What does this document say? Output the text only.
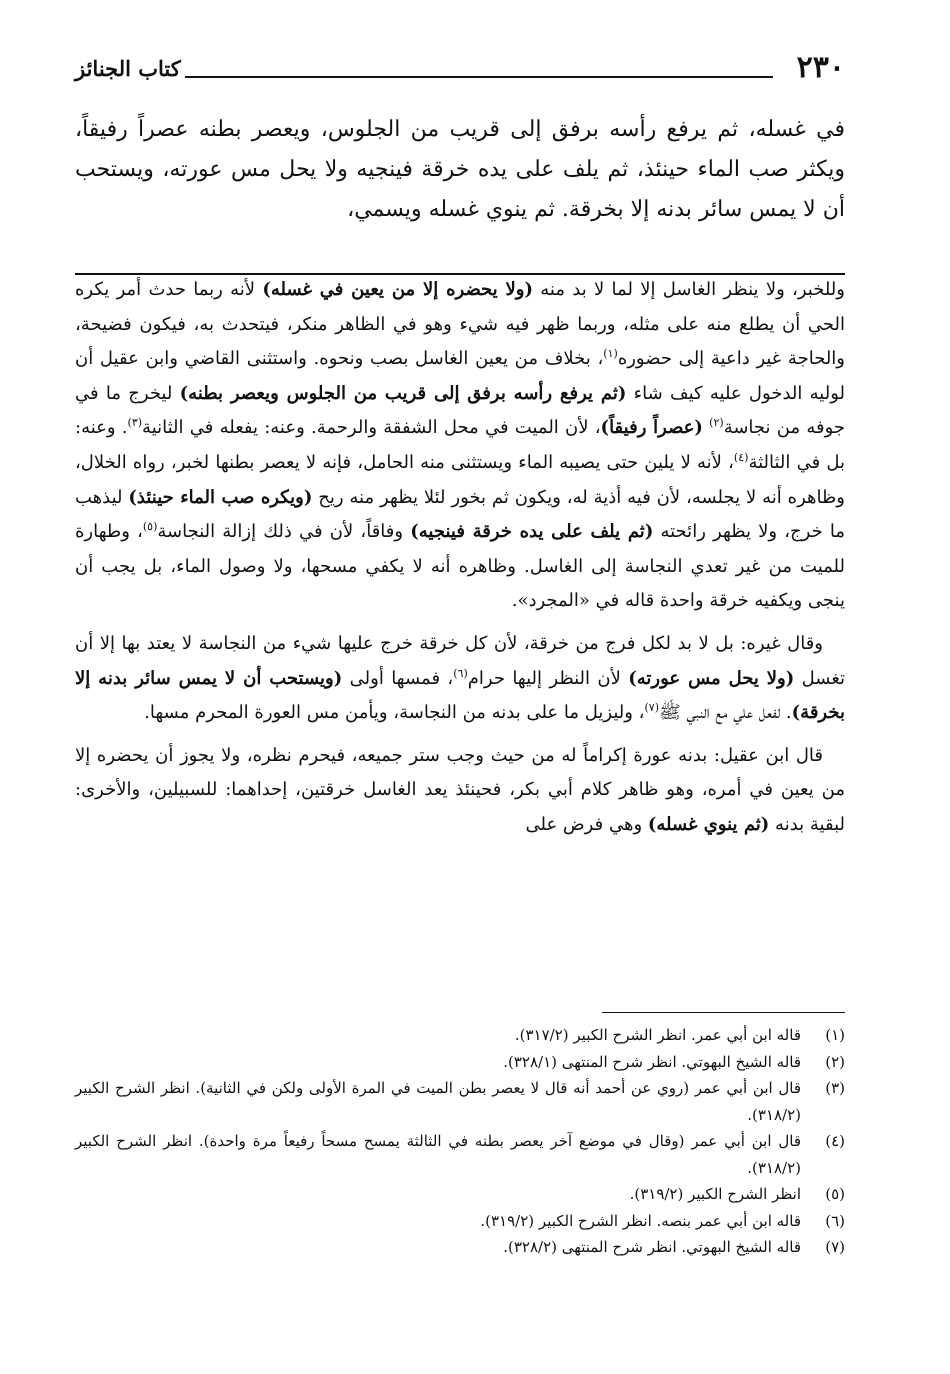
٢٣٠
كتاب الجنائز

في غسله، ثم يرفع رأسه برفق إلى قريب من الجلوس، ويعصر بطنه عصراً رفيقاً، ويكثر صب الماء حينئذ، ثم يلف على يده خرقة فينجيه ولا يحل مس عورته، ويستحب أن لا يمس سائر بدنه إلا بخرقة. ثم ينوي غسله ويسمي،

وللخبر، ولا ينظر الغاسل إلا لما لا بد منه (ولا يحضره إلا من يعين في غسله) لأنه ربما حدث أمر يكره الحي أن يطلع منه على مثله، وربما ظهر فيه شيء وهو في الظاهر منكر، فيتحدث به، فيكون فضيحة، والحاجة غير داعية إلى حضوره$^{(١)}$، بخلاف من يعين الغاسل بصب ونحوه. واستثنى القاضي وابن عقيل أن لوليه الدخول عليه كيف شاء (ثم يرفع رأسه برفق إلى قريب من الجلوس ويعصر بطنه) ليخرج ما في جوفه من نجاسة$^{(٢)}$ (عصراً رفيقاً)، لأن الميت في محل الشفقة والرحمة. وعنه: يفعله في الثانية$^{(٣)}$. وعنه: بل في الثالثة$^{(٤)}$، لأنه لا يلين حتى يصيبه الماء ويستثنى منه الحامل، فإنه لا يعصر بطنها لخبر، رواه الخلال، وظاهره أنه لا يجلسه، لأن فيه أذية له، ويكون ثم بخور لئلا يظهر منه ريح (ويكره صب الماء حينئذ) ليذهب ما خرج، ولا يظهر رائحته (ثم يلف على يده خرقة فينجيه) وفاقاً، لأن في ذلك إزالة النجاسة$^{(٥)}$، وطهارة للميت من غير تعدي النجاسة إلى الغاسل. وظاهره أنه لا يكفي مسحها، ولا وصول الماء، بل يجب أن ينجى ويكفيه خرقة واحدة قاله في «المجرد».

وقال غيره: بل لا بد لكل فرج من خرقة، لأن كل خرقة خرج عليها شيء من النجاسة لا يعتد بها إلا أن تغسل (ولا يحل مس عورته) لأن النظر إليها حرام$^{(٦)}$، فمسها أولى (ويستحب أن لا يمس سائر بدنه إلا بخرقة). لفعل علي مع النبي ﷺ$^{(٧)}$، وليزيل ما على بدنه من النجاسة، ويأمن مس العورة المحرم مسها.

قال ابن عقيل: بدنه عورة إكراماً له من حيث وجب ستر جميعه، فيحرم نظره، ولا يجوز أن يحضره إلا من يعين في أمره، وهو ظاهر كلام أبي بكر، فحينئذ يعد الغاسل خرقتين، إحداهما: للسبيلين، والأخرى: لبقية بدنه (ثم ينوي غسله) وهي فرض على

(١)
قاله ابن أبي عمر. انظر الشرح الكبير (٣١٧/٢).

(٢)
قاله الشيخ البهوتي. انظر شرح المنتهى (٣٢٨/١).

(٣)
قال ابن أبي عمر (روي عن أحمد أنه قال لا يعصر بطن الميت في المرة الأولى ولكن في الثانية). انظر الشرح الكبير (٣١٨/٢).

(٤)
قال ابن أبي عمر (وقال في موضع آخر يعصر بطنه في الثالثة يمسح مسحاً رفيعاً مرة واحدة). انظر الشرح الكبير (٣١٨/٢).

(٥)
انظر الشرح الكبير (٣١٩/٢).

(٦)
قاله ابن أبي عمر بنصه. انظر الشرح الكبير (٣١٩/٢).

(٧)
قاله الشيخ البهوتي. انظر شرح المنتهى (٣٢٨/٢).
